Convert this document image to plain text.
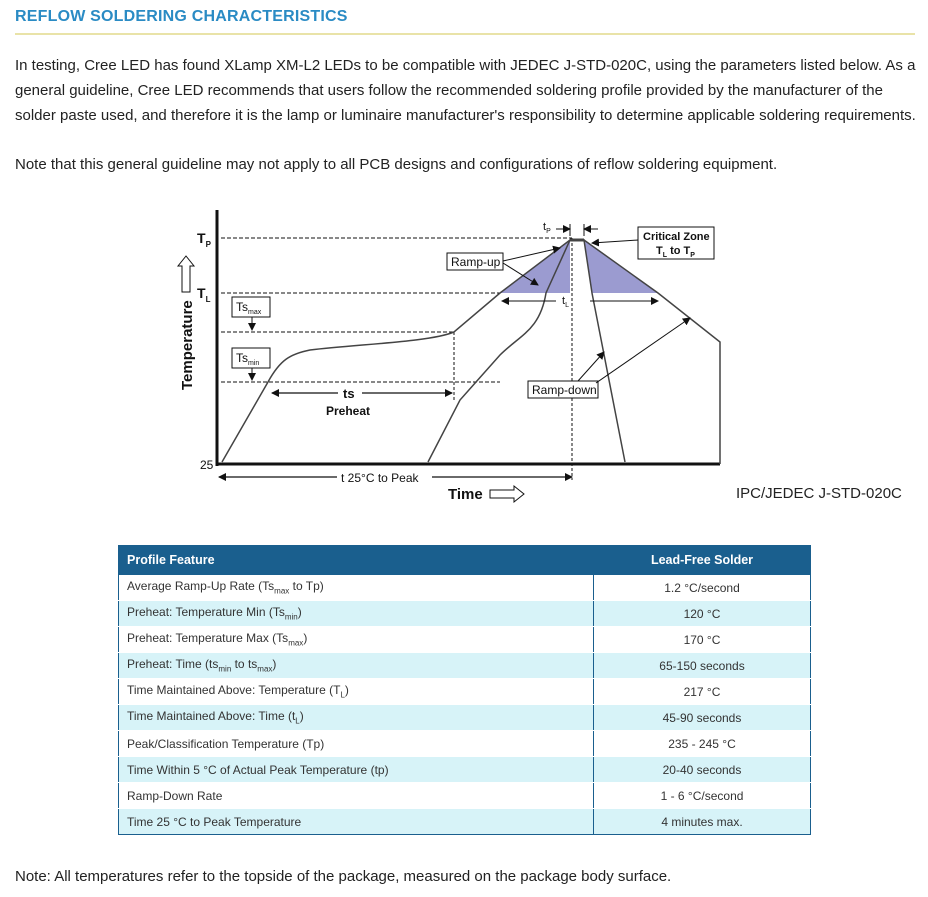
REFLOW SOLDERING CHARACTERISTICS

In testing, Cree LED has found XLamp XM-L2 LEDs to be compatible with JEDEC J-STD-020C, using the parameters listed below. As a general guideline, Cree LED recommends that users follow the recommended soldering profile provided by the manufacturer of the solder paste used, and therefore it is the lamp or luminaire manufacturer's responsibility to determine applicable soldering requirements.

Note that this general guideline may not apply to all PCB designs and configurations of reflow soldering equipment.

Temperature
$T_P$
$T_L$
25
$Ts_{max}$
$Ts_{min}$
ts
Preheat
$t_L$
$t_P$
Ramp-up
Critical Zone
$T_L$ to $T_P$
Ramp-down
t 25°C to Peak
Time	IPC/JEDEC J-STD-020C
Profile Feature	Lead-Free Solder
Average Ramp-Up Rate ($Ts_{max}$ to Tp)	1.2 °C/second
Preheat: Temperature Min $(Ts_{min})$	120 °C
Preheat: Temperature Max $(Ts_{max})$	170 °C
Preheat: Time ($ts_{min}$ to $ts_{max}$)	65-150 seconds
Time Maintained Above: Temperature $(T_L)$	217 °C
Time Maintained Above: Time $(t_L)$	45-90 seconds
Peak/Classification Temperature (Tp)	235 - 245 °C
Time Within 5 °C of Actual Peak Temperature (tp)	20-40 seconds
Ramp-Down Rate	1 - 6 °C/second
Time 25 °C to Peak Temperature	4 minutes max.

Note: All temperatures refer to the topside of the package, measured on the package body surface.
